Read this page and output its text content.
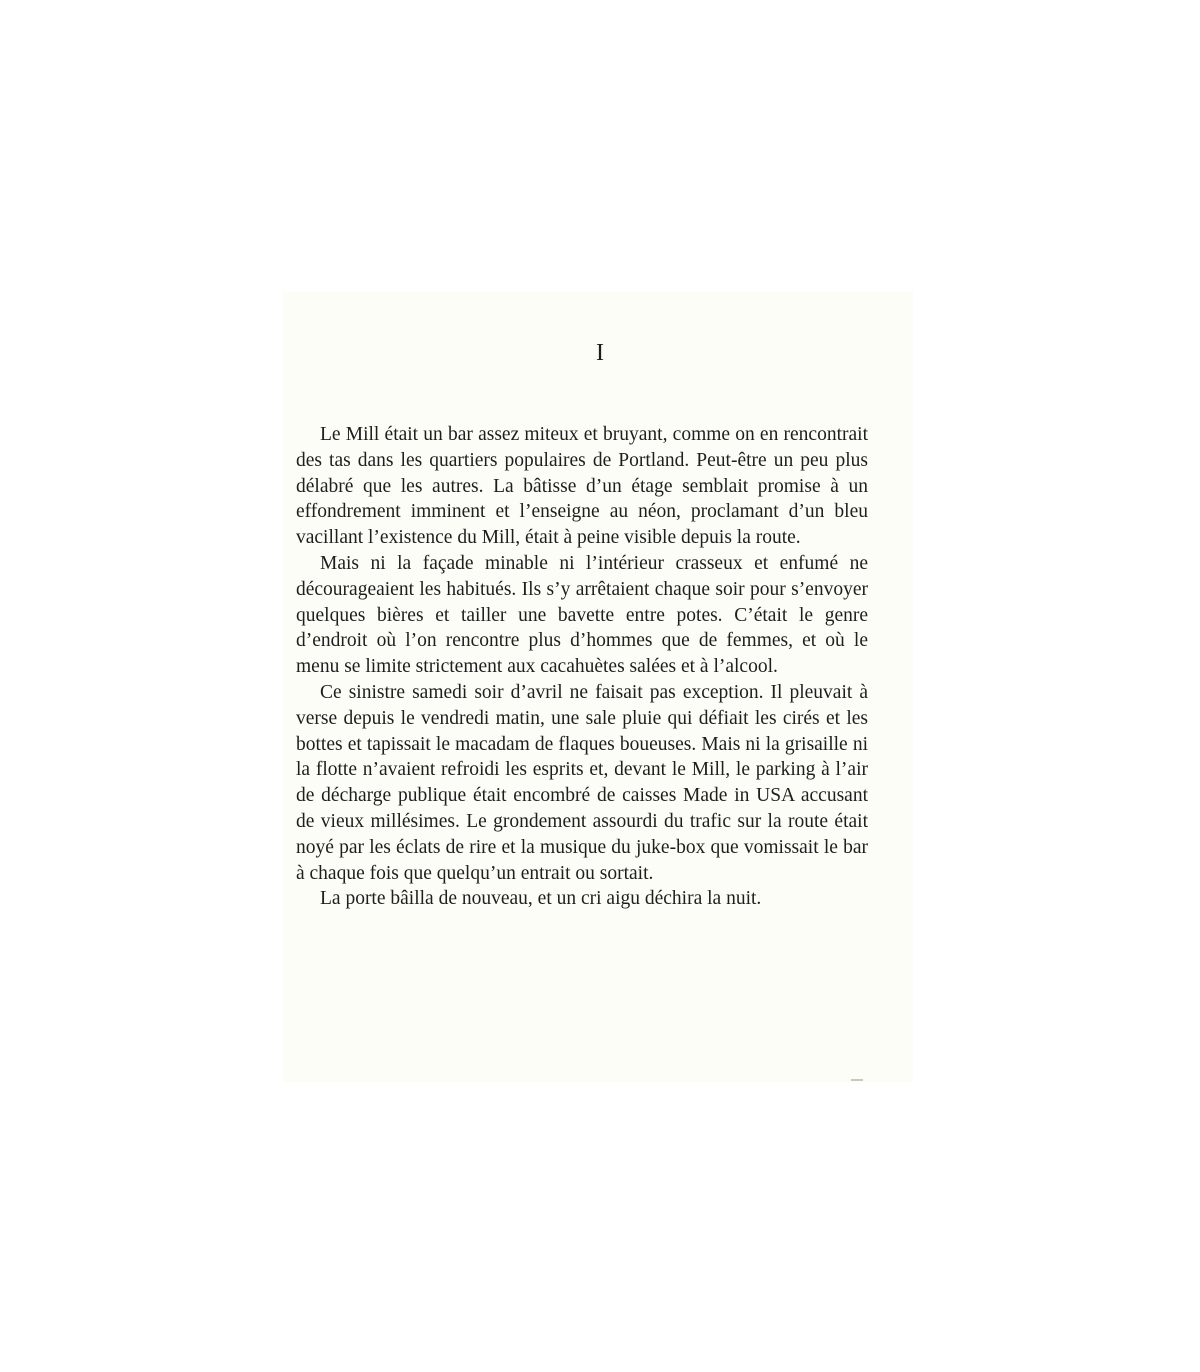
I

Le Mill était un bar assez miteux et bruyant, comme on en rencontrait des tas dans les quartiers populaires de Portland. Peut-être un peu plus délabré que les autres. La bâtisse d’un étage semblait promise à un effondrement imminent et l’enseigne au néon, proclamant d’un bleu vacillant l’existence du Mill, était à peine visible depuis la route.

Mais ni la façade minable ni l’intérieur crasseux et enfumé ne décourageaient les habitués. Ils s’y arrêtaient chaque soir pour s’envoyer quelques bières et tailler une bavette entre potes. C’était le genre d’endroit où l’on rencontre plus d’hommes que de femmes, et où le menu se limite strictement aux cacahuètes salées et à l’alcool.

Ce sinistre samedi soir d’avril ne faisait pas exception. Il pleuvait à verse depuis le vendredi matin, une sale pluie qui défiait les cirés et les bottes et tapissait le macadam de flaques boueuses. Mais ni la grisaille ni la flotte n’avaient refroidi les esprits et, devant le Mill, le parking à l’air de décharge publique était encombré de caisses Made in USA accusant de vieux millésimes. Le grondement assourdi du trafic sur la route était noyé par les éclats de rire et la musique du juke-box que vomissait le bar à chaque fois que quelqu’un entrait ou sortait.

La porte bâilla de nouveau, et un cri aigu déchira la nuit.
